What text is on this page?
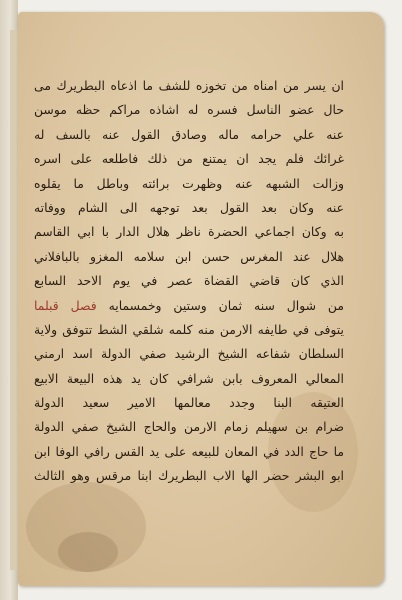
ان يسر من امناه من تخوزه للشف ما اذعاه البطريرك مى
حال عضو الناسل فسره له اشاذه مراكم حظه موسن
عنه علي حرامه ماله وصادق القول عنه بالسف له
غرائك فلم يجد ان يمتنع من ذلك فاطلعه على اسره
وزالت الشبهه عنه وظهرت برائته وباطل ما يقلوه
عنه وكان بعد القول بعد توجهه الى الشام ووفاته
به وكان اجماعي الحضرة ناظر هلال الدار با ابي القاسم
هلال عند المغرس حسن ابن سلامه المغزو بالبافلاني
الذي كان قاضي القضاة عصر في يوم الاحد السابع
من شوال سنه ثمان وستين وخمسمايه فصل قبلما
يتوفى في طايفه الارمن منه كلمه شلقي الشط تتوفق ولاية
السلطان شفاعه الشيخ الرشيد صفي الدولة اسد ارمني
المعالي المعروف بابن شرافي كان يد هذه البيعة الابيع
العتيقه البنا وجدد معالمها الامير سعيد الدولة
ضرام بن سهيلم زمام الارمن والحاج الشيخ صفي الدولة
ما حاج الدد في المعان للبيعه على يد القس رافي الوفا ابن
ابو البشر حضر الها الاب البطريرك ابنا مرقس وهو الثالث
